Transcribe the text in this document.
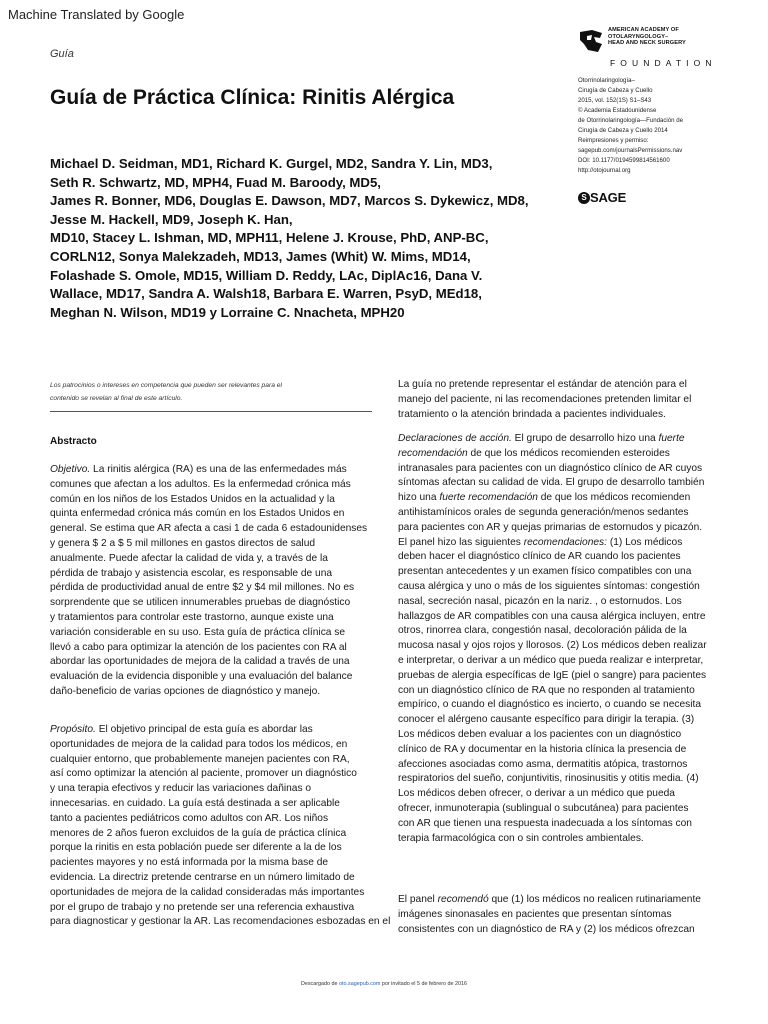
Machine Translated by Google
Guía
AMERICAN ACADEMY OF
OTOLARYNGOLOGY–
HEAD AND NECK SURGERY
FOUNDATION
Guía de Práctica Clínica: Rinitis Alérgica
Otorrinolaringología–
Cirugía de Cabeza y Cuello
2015, vol. 152(1S) S1–S43
© Academia Estadounidense
de Otorrinolaringología—Fundación de
Cirugía de Cabeza y Cuello 2014
Reimpresiones y permiso:
sagepub.com/journalsPermissions.nav
DOI: 10.1177/0194599814561600
http://otojournal.org
S SAGE
Michael D. Seidman, MD1, Richard K. Gurgel, MD2, Sandra Y. Lin, MD3,
Seth R. Schwartz, MD, MPH4, Fuad M. Baroody, MD5,
James R. Bonner, MD6, Douglas E. Dawson, MD7, Marcos S. Dykewicz, MD8,
Jesse M. Hackell, MD9, Joseph K. Han,
MD10, Stacey L. Ishman, MD, MPH11, Helene J. Krouse, PhD, ANP-BC,
CORLN12, Sonya Malekzadeh, MD13, James (Whit) W. Mims, MD14,
Folashade S. Omole, MD15, William D. Reddy, LAc, DiplAc16, Dana V.
Wallace, MD17, Sandra A. Walsh18, Barbara E. Warren, PsyD, MEd18,
Meghan N. Wilson, MD19 y Lorraine C. Nnacheta, MPH20
Los patrocinios o intereses en competencia que pueden ser relevantes para el
contenido se revelan al final de este artículo.
Abstracto
Objetivo. La rinitis alérgica (RA) es una de las enfermedades más
comunes que afectan a los adultos. Es la enfermedad crónica más
común en los niños de los Estados Unidos en la actualidad y la
quinta enfermedad crónica más común en los Estados Unidos en
general. Se estima que AR afecta a casi 1 de cada 6 estadounidenses
y genera $ 2 a $ 5 mil millones en gastos directos de salud
anualmente. Puede afectar la calidad de vida y, a través de la
pérdida de trabajo y asistencia escolar, es responsable de una
pérdida de productividad anual de entre $2 y $4 mil millones. No es
sorprendente que se utilicen innumerables pruebas de diagnóstico
y tratamientos para controlar este trastorno, aunque existe una
variación considerable en su uso. Esta guía de práctica clínica se
llevó a cabo para optimizar la atención de los pacientes con RA al
abordar las oportunidades de mejora de la calidad a través de una
evaluación de la evidencia disponible y una evaluación del balance
daño-beneficio de varias opciones de diagnóstico y manejo.
Propósito. El objetivo principal de esta guía es abordar las
oportunidades de mejora de la calidad para todos los médicos, en
cualquier entorno, que probablemente manejen pacientes con RA,
así como optimizar la atención al paciente, promover un diagnóstico
y una terapia efectivos y reducir las variaciones dañinas o
innecesarias. en cuidado. La guía está destinada a ser aplicable
tanto a pacientes pediátricos como adultos con AR. Los niños
menores de 2 años fueron excluidos de la guía de práctica clínica
porque la rinitis en esta población puede ser diferente a la de los
pacientes mayores y no está informada por la misma base de
evidencia. La directriz pretende centrarse en un número limitado de
oportunidades de mejora de la calidad consideradas más importantes
por el grupo de trabajo y no pretende ser una referencia exhaustiva
para diagnosticar y gestionar la AR. Las recomendaciones esbozadas en el
La guía no pretende representar el estándar de atención para el
manejo del paciente, ni las recomendaciones pretenden limitar el
tratamiento o la atención brindada a pacientes individuales.
Declaraciones de acción. El grupo de desarrollo hizo una fuerte
recomendación de que los médicos recomienden esteroides
intranasales para pacientes con un diagnóstico clínico de AR cuyos
síntomas afectan su calidad de vida. El grupo de desarrollo también
hizo una fuerte recomendación de que los médicos recomienden
antihistamínicos orales de segunda generación/menos sedantes
para pacientes con AR y quejas primarias de estornudos y picazón.
El panel hizo las siguientes recomendaciones: (1) Los médicos
deben hacer el diagnóstico clínico de AR cuando los pacientes
presentan antecedentes y un examen físico compatibles con una
causa alérgica y uno o más de los siguientes síntomas: congestión
nasal, secreción nasal, picazón en la nariz. , o estornudos. Los
hallazgos de AR compatibles con una causa alérgica incluyen, entre
otros, rinorrea clara, congestión nasal, decoloración pálida de la
mucosa nasal y ojos rojos y llorosos. (2) Los médicos deben realizar
e interpretar, o derivar a un médico que pueda realizar e interpretar,
pruebas de alergia específicas de IgE (piel o sangre) para pacientes
con un diagnóstico clínico de RA que no responden al tratamiento
empírico, o cuando el diagnóstico es incierto, o cuando se necesita
conocer el alérgeno causante específico para dirigir la terapia. (3)
Los médicos deben evaluar a los pacientes con un diagnóstico
clínico de RA y documentar en la historia clínica la presencia de
afecciones asociadas como asma, dermatitis atópica, trastornos
respiratorios del sueño, conjuntivitis, rinosinusitis y otitis media. (4)
Los médicos deben ofrecer, o derivar a un médico que pueda
ofrecer, inmunoterapia (sublingual o subcutánea) para pacientes
con AR que tienen una respuesta inadecuada a los síntomas con
terapia farmacológica con o sin controles ambientales.
El panel recomendó que (1) los médicos no realicen rutinariamente
imágenes sinonasales en pacientes que presentan síntomas
consistentes con un diagnóstico de RA y (2) los médicos ofrezcan
Descargado de oto.sagepub.com por invitado el 5 de febrero de 2016
